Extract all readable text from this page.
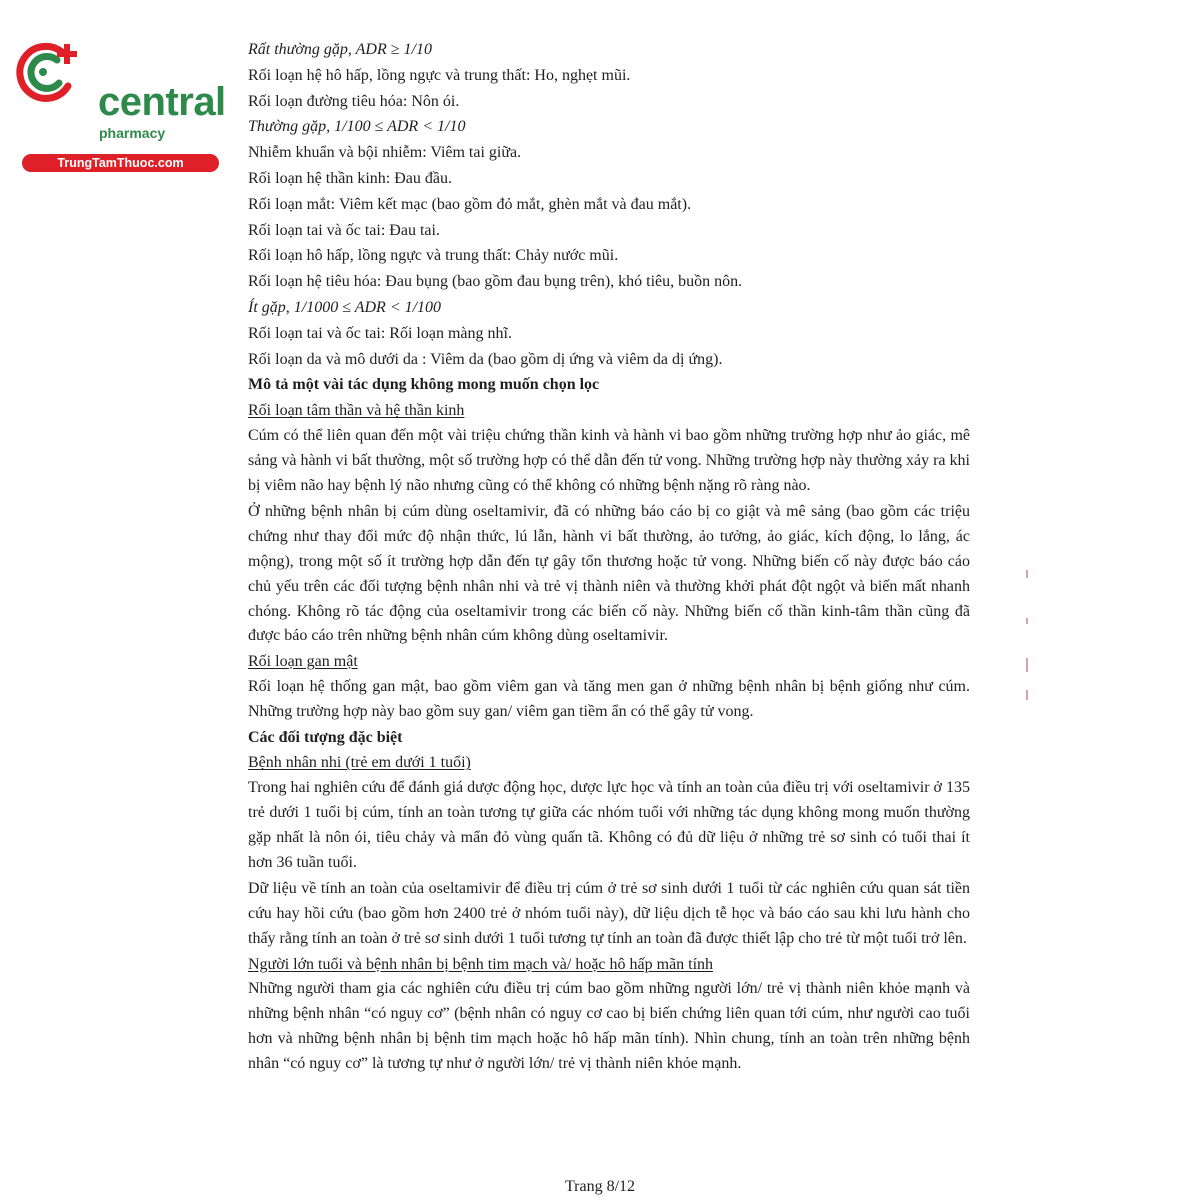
central
pharmacy
TrungTamThuoc.com

Rất thường gặp, ADR ≥ 1/10

Rối loạn hệ hô hấp, lồng ngực và trung thất: Ho, nghẹt mũi.

Rối loạn đường tiêu hóa: Nôn ói.

Thường gặp, 1/100 ≤ ADR < 1/10

Nhiễm khuẩn và bội nhiễm: Viêm tai giữa.

Rối loạn hệ thần kinh: Đau đầu.

Rối loạn mắt: Viêm kết mạc (bao gồm đỏ mắt, ghèn mắt và đau mắt).

Rối loạn tai và ốc tai: Đau tai.

Rối loạn hô hấp, lồng ngực và trung thất: Chảy nước mũi.

Rối loạn hệ tiêu hóa: Đau bụng (bao gồm đau bụng trên), khó tiêu, buồn nôn.

Ít gặp, 1/1000 ≤ ADR < 1/100

Rối loạn tai và ốc tai: Rối loạn màng nhĩ.

Rối loạn da và mô dưới da : Viêm da (bao gồm dị ứng và viêm da dị ứng).

Mô tả một vài tác dụng không mong muốn chọn lọc

Rối loạn tâm thần và hệ thần kinh

Cúm có thể liên quan đến một vài triệu chứng thần kinh và hành vi bao gồm những trường hợp như ảo giác, mê sảng và hành vi bất thường, một số trường hợp có thể dẫn đến tử vong. Những trường hợp này thường xảy ra khi bị viêm não hay bệnh lý não nhưng cũng có thể không có những bệnh nặng rõ ràng nào.

Ở những bệnh nhân bị cúm dùng oseltamivir, đã có những báo cáo bị co giật và mê sảng (bao gồm các triệu chứng như thay đổi mức độ nhận thức, lú lẫn, hành vi bất thường, ảo tưởng, ảo giác, kích động, lo lắng, ác mộng), trong một số ít trường hợp dẫn đến tự gây tổn thương hoặc tử vong. Những biến cố này được báo cáo chủ yếu trên các đối tượng bệnh nhân nhi và trẻ vị thành niên và thường khởi phát đột ngột và biến mất nhanh chóng. Không rõ tác động của oseltamivir trong các biến cố này. Những biến cố thần kinh-tâm thần cũng đã được báo cáo trên những bệnh nhân cúm không dùng oseltamivir.

Rối loạn gan mật

Rối loạn hệ thống gan mật, bao gồm viêm gan và tăng men gan ở những bệnh nhân bị bệnh giống như cúm. Những trường hợp này bao gồm suy gan/ viêm gan tiềm ẩn có thể gây tử vong.

Các đối tượng đặc biệt

Bệnh nhân nhi (trẻ em dưới 1 tuổi)

Trong hai nghiên cứu để đánh giá dược động học, dược lực học và tính an toàn của điều trị với oseltamivir ở 135 trẻ dưới 1 tuổi bị cúm, tính an toàn tương tự giữa các nhóm tuổi với những tác dụng không mong muốn thường gặp nhất là nôn ói, tiêu chảy và mẩn đỏ vùng quấn tã. Không có đủ dữ liệu ở những trẻ sơ sinh có tuổi thai ít hơn 36 tuần tuổi.

Dữ liệu về tính an toàn của oseltamivir để điều trị cúm ở trẻ sơ sinh dưới 1 tuổi từ các nghiên cứu quan sát tiền cứu hay hồi cứu (bao gồm hơn 2400 trẻ ở nhóm tuổi này), dữ liệu dịch tễ học và báo cáo sau khi lưu hành cho thấy rằng tính an toàn ở trẻ sơ sinh dưới 1 tuổi tương tự tính an toàn đã được thiết lập cho trẻ từ một tuổi trở lên.

Người lớn tuổi và bệnh nhân bị bệnh tim mạch và/ hoặc hô hấp mãn tính

Những người tham gia các nghiên cứu điều trị cúm bao gồm những người lớn/ trẻ vị thành niên khỏe mạnh và những bệnh nhân “có nguy cơ” (bệnh nhân có nguy cơ cao bị biến chứng liên quan tới cúm, như người cao tuổi hơn và những bệnh nhân bị bệnh tim mạch hoặc hô hấp mãn tính). Nhìn chung, tính an toàn trên những bệnh nhân “có nguy cơ” là tương tự như ở người lớn/ trẻ vị thành niên khỏe mạnh.

Trang 8/12
